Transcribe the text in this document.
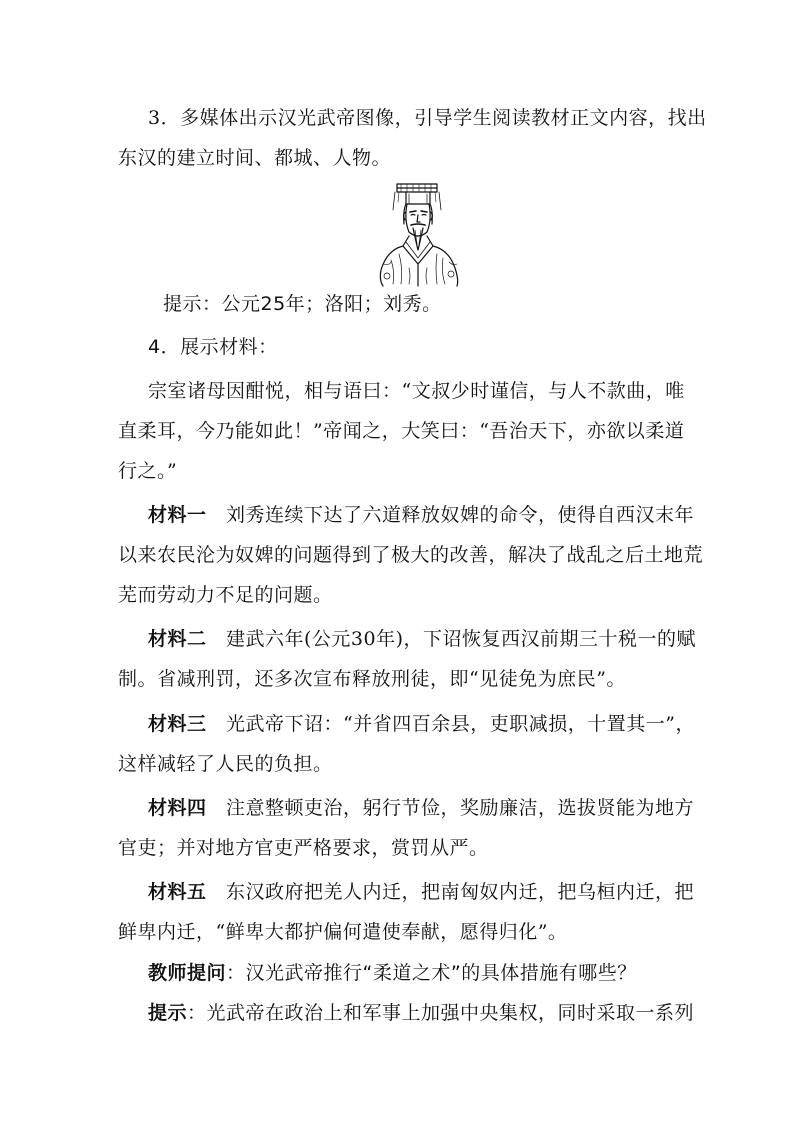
3．多媒体出示汉光武帝图像，引导学生阅读教材正文内容，找出
东汉的建立时间、都城、人物。
提示：公元25年；洛阳；刘秀。
4．展示材料：
宗室诸母因酣悦，相与语曰：“文叔少时谨信，与人不款曲，唯
直柔耳，今乃能如此！”帝闻之，大笑曰：“吾治天下，亦欲以柔道
行之。”
材料一  刘秀连续下达了六道释放奴婢的命令，使得自西汉末年
以来农民沦为奴婢的问题得到了极大的改善，解决了战乱之后土地荒
芜而劳动力不足的问题。
材料二  建武六年(公元30年)，下诏恢复西汉前期三十税一的赋
制。省减刑罚，还多次宣布释放刑徒，即“见徒免为庶民”。
材料三  光武帝下诏：“并省四百余县，吏职减损，十置其一”，
这样减轻了人民的负担。
材料四  注意整顿吏治，躬行节俭，奖励廉洁，选拔贤能为地方
官吏；并对地方官吏严格要求，赏罚从严。
材料五  东汉政府把羌人内迁，把南匈奴内迁，把乌桓内迁，把
鲜卑内迁，“鲜卑大都护偏何遣使奉献，愿得归化”。
教师提问：汉光武帝推行“柔道之术”的具体措施有哪些？
提示：光武帝在政治上和军事上加强中央集权，同时采取一系列
